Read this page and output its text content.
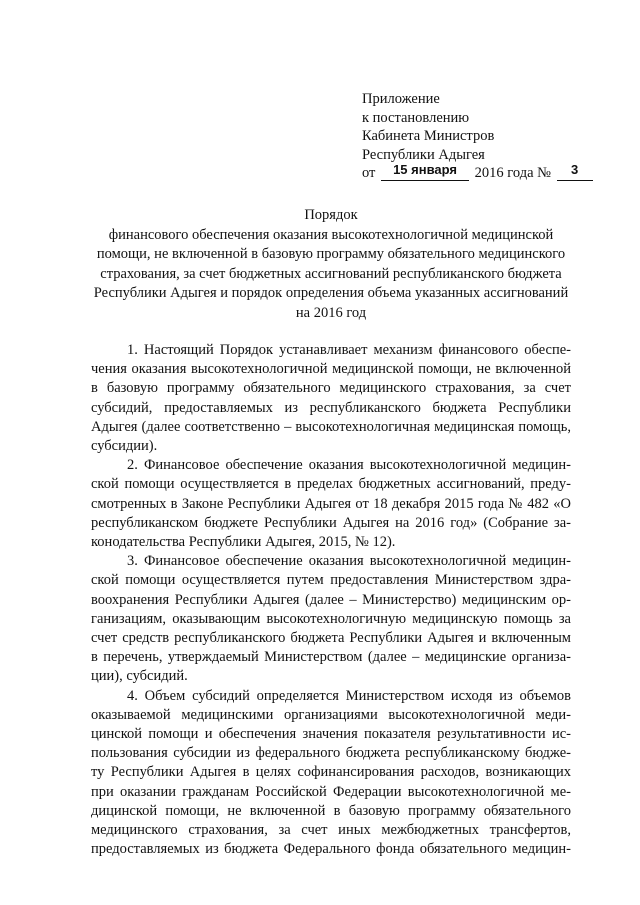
Приложение
к постановлению
Кабинета Министров
Республики Адыгея
от 15 января 2016 года № 3
Порядок
финансового обеспечения оказания высокотехнологичной медицинской
помощи, не включенной в базовую программу обязательного медицинского
страхования, за счет бюджетных ассигнований республиканского бюджета
Республики Адыгея и порядок определения объема указанных ассигнований
на 2016 год
1. Настоящий Порядок устанавливает механизм финансового обеспе-
чения оказания высокотехнологичной медицинской помощи, не включенной
в базовую программу обязательного медицинского страхования, за счет
субсидий, предоставляемых из республиканского бюджета Республики
Адыгея (далее соответственно – высокотехнологичная медицинская помощь,
субсидии).
2. Финансовое обеспечение оказания высокотехнологичной медицин-
ской помощи осуществляется в пределах бюджетных ассигнований, преду-
смотренных в Законе Республики Адыгея от 18 декабря 2015 года № 482 «О
республиканском бюджете Республики Адыгея на 2016 год» (Собрание за-
конодательства Республики Адыгея, 2015, № 12).
3. Финансовое обеспечение оказания высокотехнологичной медицин-
ской помощи осуществляется путем предоставления Министерством здра-
воохранения Республики Адыгея (далее – Министерство) медицинским ор-
ганизациям, оказывающим высокотехнологичную медицинскую помощь за
счет средств республиканского бюджета Республики Адыгея и включенным
в перечень, утверждаемый Министерством (далее – медицинские организа-
ции), субсидий.
4. Объем субсидий определяется Министерством исходя из объемов
оказываемой медицинскими организациями высокотехнологичной меди-
цинской помощи и обеспечения значения показателя результативности ис-
пользования субсидии из федерального бюджета республиканскому бюдже-
ту Республики Адыгея в целях софинансирования расходов, возникающих
при оказании гражданам Российской Федерации высокотехнологичной ме-
дицинской помощи, не включенной в базовую программу обязательного
медицинского страхования, за счет иных межбюджетных трансфертов,
предоставляемых из бюджета Федерального фонда обязательного медицин-
